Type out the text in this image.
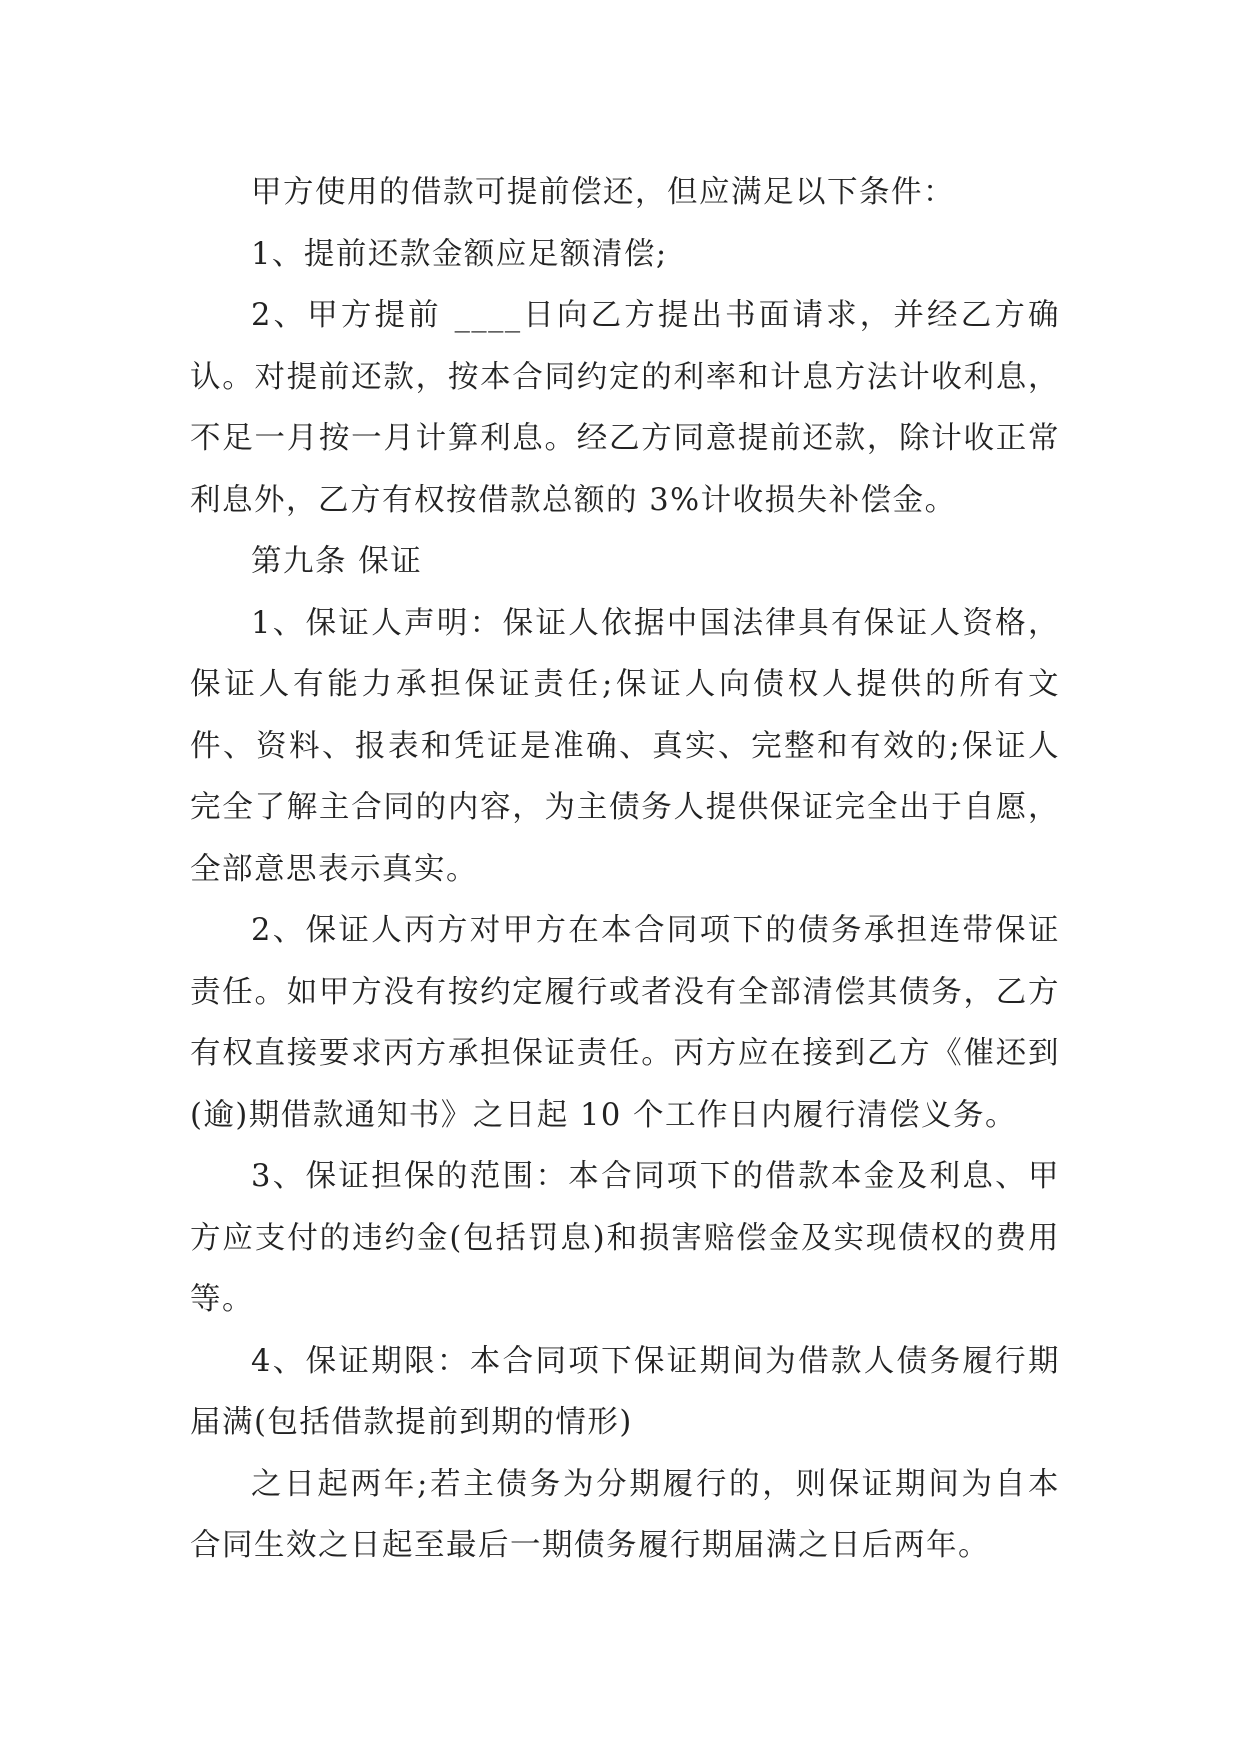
甲方使用的借款可提前偿还，但应满足以下条件：

1、提前还款金额应足额清偿;

2、甲方提前 ____日向乙方提出书面请求，并经乙方确认。对提前还款，按本合同约定的利率和计息方法计收利息，不足一月按一月计算利息。经乙方同意提前还款，除计收正常利息外，乙方有权按借款总额的 3%计收损失补偿金。

第九条 保证

1、保证人声明：保证人依据中国法律具有保证人资格，保证人有能力承担保证责任;保证人向债权人提供的所有文件、资料、报表和凭证是准确、真实、完整和有效的;保证人完全了解主合同的内容，为主债务人提供保证完全出于自愿，全部意思表示真实。

2、保证人丙方对甲方在本合同项下的债务承担连带保证责任。如甲方没有按约定履行或者没有全部清偿其债务，乙方有权直接要求丙方承担保证责任。丙方应在接到乙方《催还到(逾)期借款通知书》之日起 10 个工作日内履行清偿义务。

3、保证担保的范围：本合同项下的借款本金及利息、甲方应支付的违约金(包括罚息)和损害赔偿金及实现债权的费用等。

4、保证期限：本合同项下保证期间为借款人债务履行期届满(包括借款提前到期的情形)

之日起两年;若主债务为分期履行的，则保证期间为自本合同生效之日起至最后一期债务履行期届满之日后两年。
